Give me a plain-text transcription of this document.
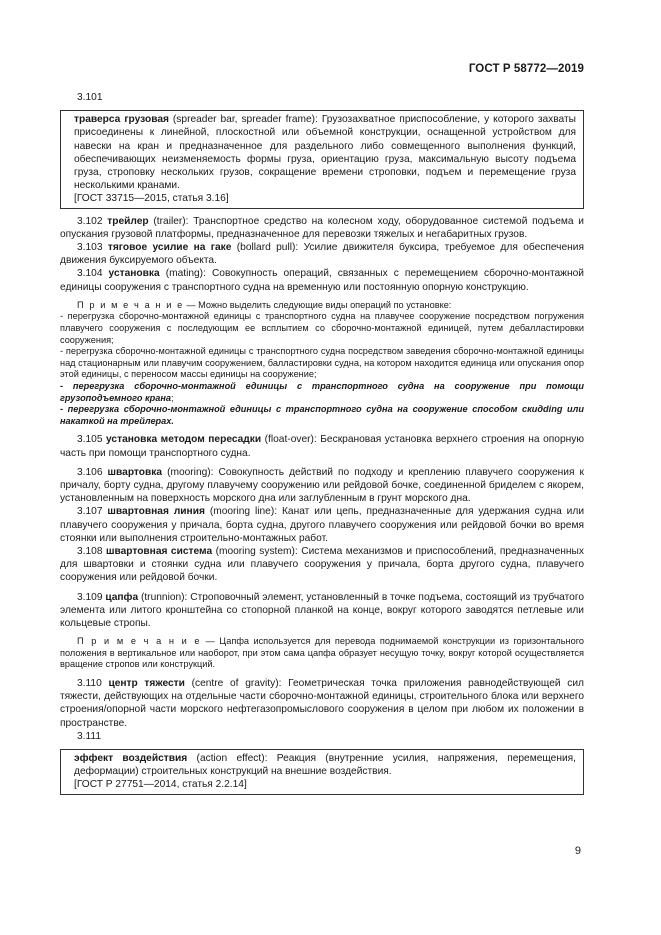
ГОСТ Р 58772—2019

3.101

траверса грузовая (spreader bar, spreader frame): Грузозахватное приспособление, у которого захваты присоединены к линейной, плоскостной или объемной конструкции, оснащенной устройством для навески на кран и предназначенное для раздельного либо совмещенного выполнения функций, обеспечивающих неизменяемость формы груза, ориентацию груза, максимальную высоту подъема груза, строповку нескольких грузов, сокращение времени строповки, подъем и перемещение груза несколькими кранами.

[ГОСТ 33715—2015, статья 3.16]

3.102 трейлер (trailer): Транспортное средство на колесном ходу, оборудованное системой подъема и опускания грузовой платформы, предназначенное для перевозки тяжелых и негабаритных грузов.

3.103 тяговое усилие на гаке (bollard pull): Усилие движителя буксира, требуемое для обеспечения движения буксируемого объекта.

3.104 установка (mating): Совокупность операций, связанных с перемещением сборочно-монтажной единицы сооружения с транспортного судна на временную или постоянную опорную конструкцию.

П р и м е ч а н и е — Можно выделить следующие виды операций по установке:

- перегрузка сборочно-монтажной единицы с транспортного судна на плавучее сооружение посредством погружения плавучего сооружения с последующим ее всплытием со сборочно-монтажной единицей, путем дебалластировки сооружения;

- перегрузка сборочно-монтажной единицы с транспортного судна посредством заведения сборочно-монтажной единицы над стационарным или плавучим сооружением, балластировки судна, на котором находится единица или опускания опор этой единицы, с переносом массы единицы на сооружение;

- перегрузка сборочно-монтажной единицы с транспортного судна на сооружение при помощи грузоподъемного крана;

- перегрузка сборочно-монтажной единицы с транспортного судна на сооружение способом скидding или накаткой на трейлерах.

3.105 установка методом пересадки (float-over): Бескрановая установка верхнего строения на опорную часть при помощи транспортного судна.

3.106 швартовка (mooring): Совокупность действий по подходу и креплению плавучего сооружения к причалу, борту судна, другому плавучему сооружению или рейдовой бочке, соединенной бриделем с якорем, установленным на поверхность морского дна или заглубленным в грунт морского дна.

3.107 швартовная линия (mooring line): Канат или цепь, предназначенные для удержания судна или плавучего сооружения у причала, борта судна, другого плавучего сооружения или рейдовой бочки во время стоянки или выполнения строительно-монтажных работ.

3.108 швартовная система (mooring system): Система механизмов и приспособлений, предназначенных для швартовки и стоянки судна или плавучего сооружения у причала, борта другого судна, плавучего сооружения или рейдовой бочки.

3.109 цапфа (trunnion): Строповочный элемент, установленный в точке подъема, состоящий из трубчатого элемента или литого кронштейна со стопорной планкой на конце, вокруг которого заводятся петлевые или кольцевые стропы.

П р и м е ч а н и е — Цапфа используется для перевода поднимаемой конструкции из горизонтального положения в вертикальное или наоборот, при этом сама цапфа образует несущую точку, вокруг которой осуществляется вращение стропов или конструкций.

3.110 центр тяжести (centre of gravity): Геометрическая точка приложения равнодействующей сил тяжести, действующих на отдельные части сборочно-монтажной единицы, строительного блока или верхнего строения/опорной части морского нефтегазопромыслового сооружения в целом при любом их положении в пространстве.

3.111

эффект воздействия (action effect): Реакция (внутренние усилия, напряжения, перемещения, деформации) строительных конструкций на внешние воздействия.

[ГОСТ Р 27751—2014, статья 2.2.14]

9
